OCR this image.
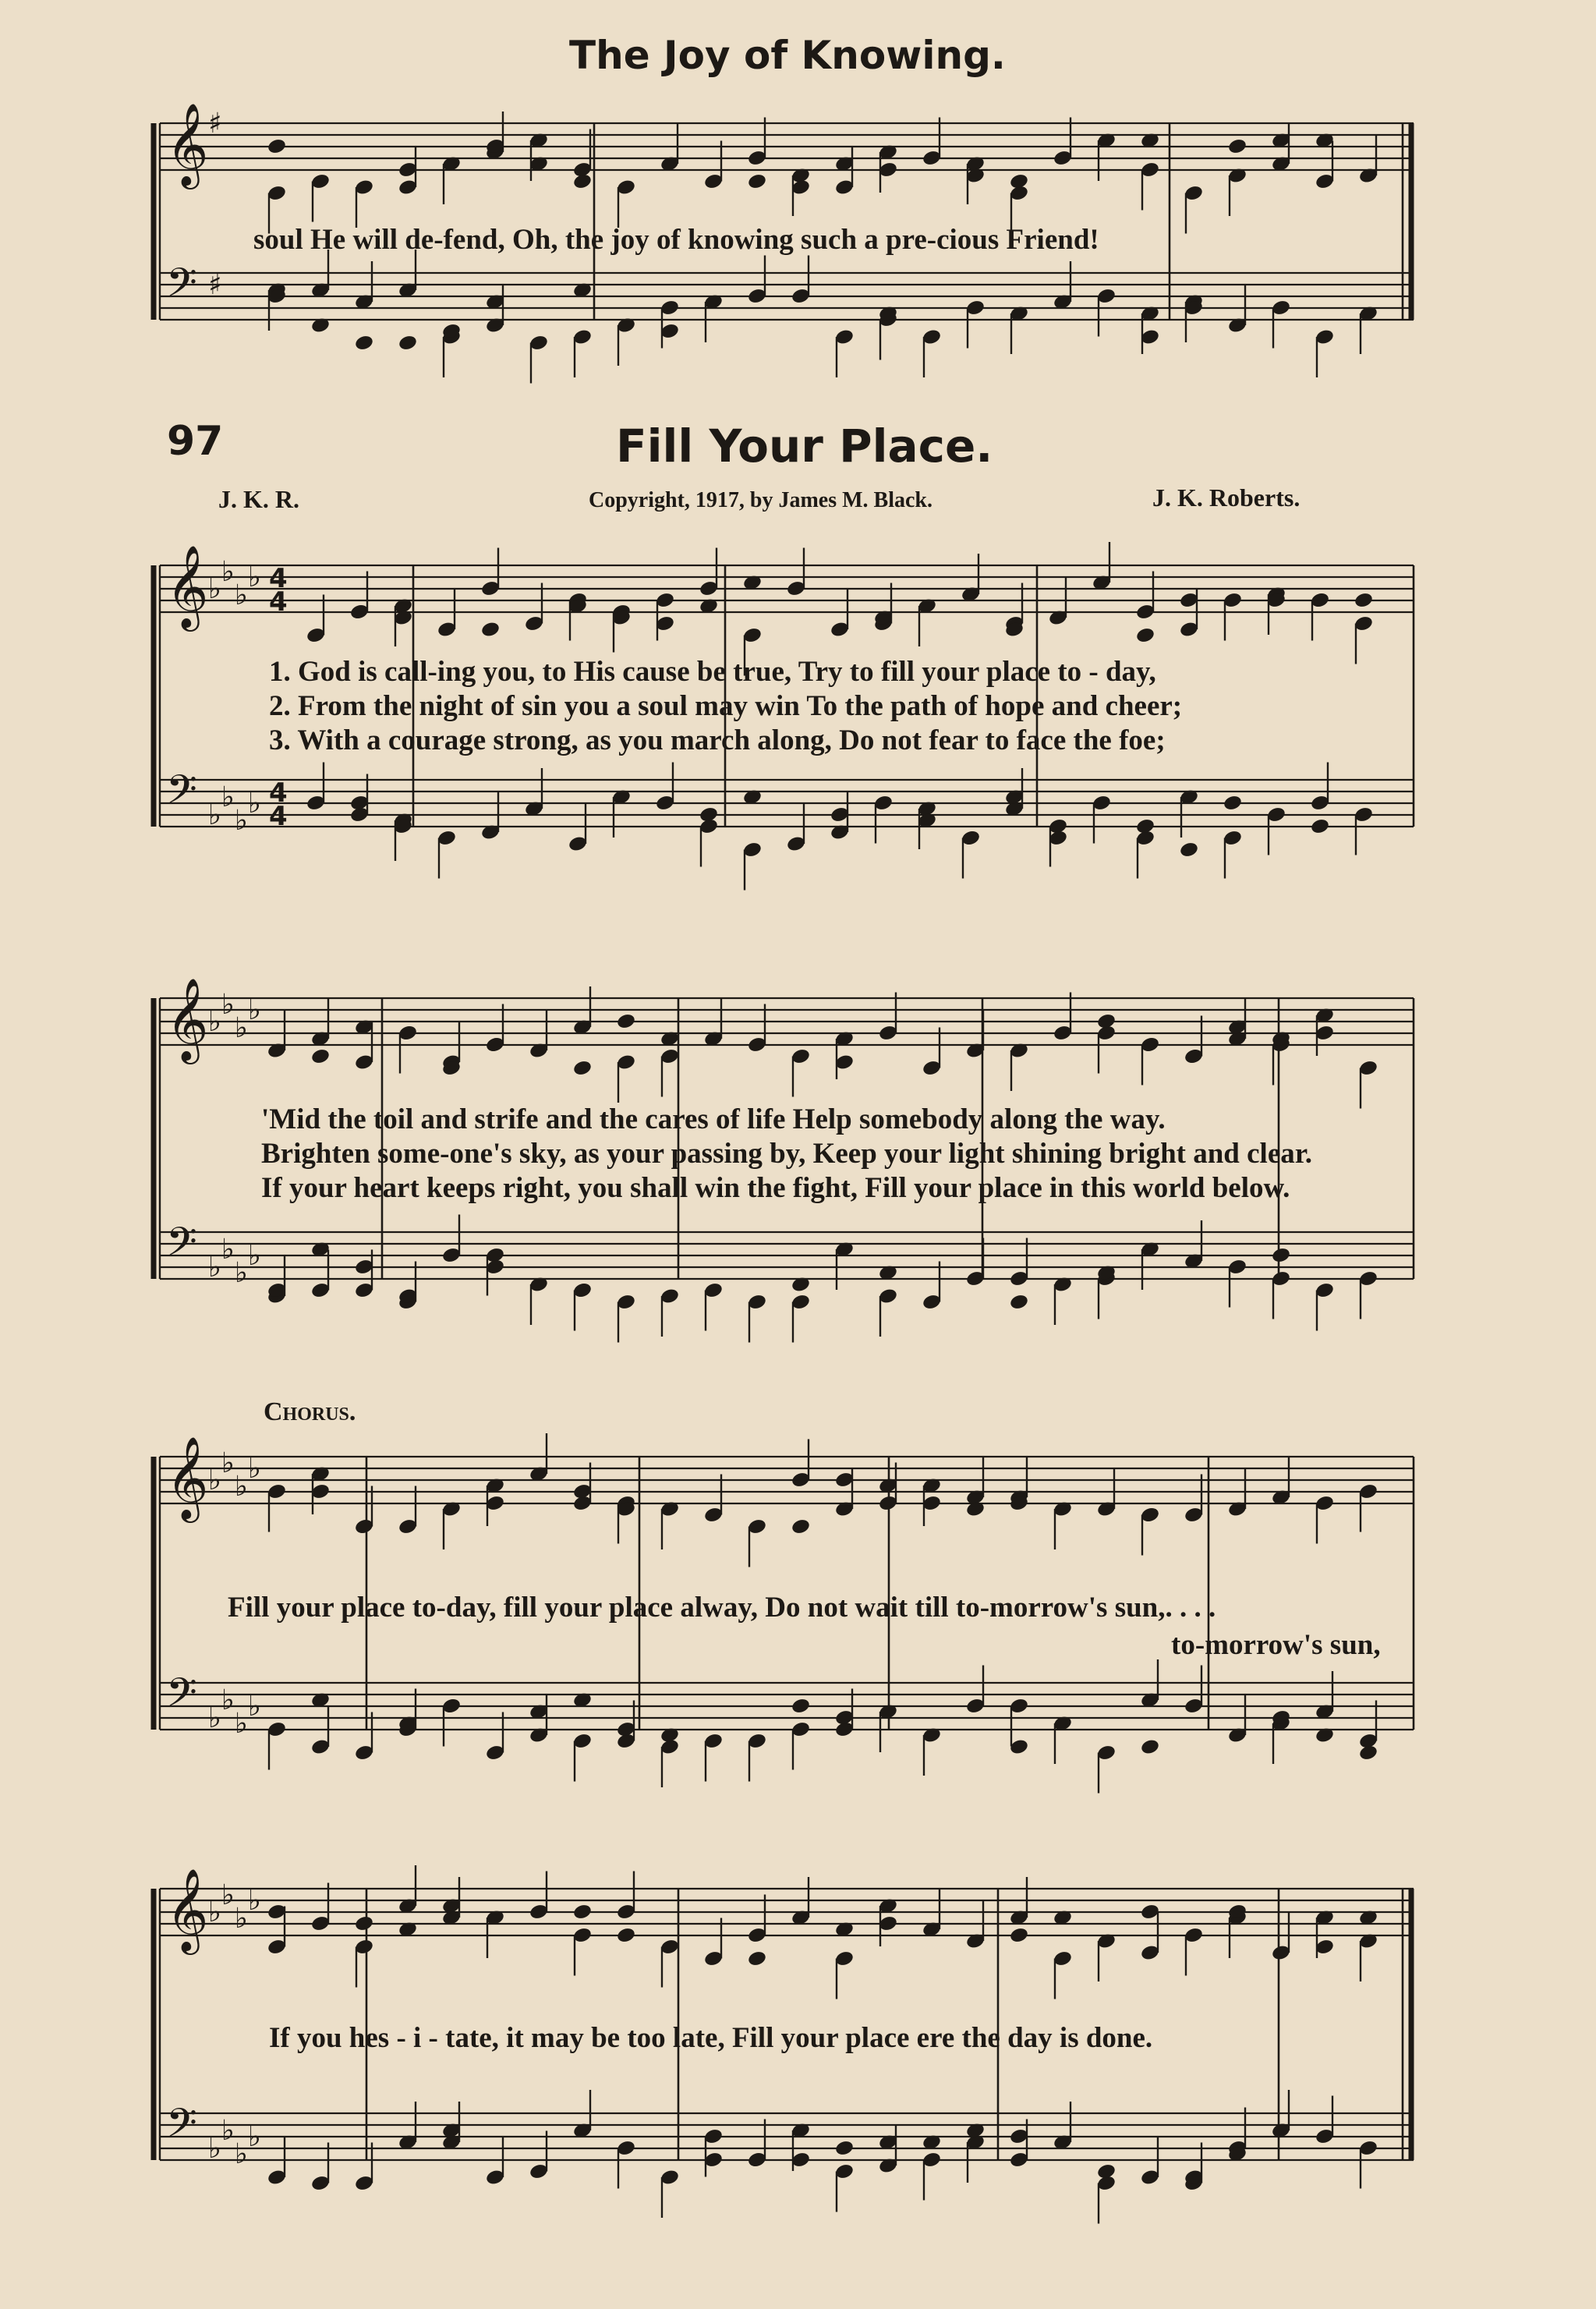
𝄞
𝄢
♯
♯
𝄞
𝄢
♭
♭
♭
♭
♭
♭
♭
♭
𝄞
𝄢
♭
♭
♭
♭
♭
♭
♭
♭
𝄞
𝄢
♭
♭
♭
♭
♭
♭
♭
♭
𝄞
𝄢
♭
♭
♭
♭
♭
♭
♭
♭
4
4
4
4
The Joy of Knowing.
soul He will de-fend, Oh, the joy of knowing such a pre-cious Friend!
97	Fill Your Place.
J. K. R.	Copyright, 1917, by James M. Black.	J. K. Roberts.
1. God is call-ing you, to His cause be true, Try to fill your place to - day,
2. From the night of sin you a soul may win To the path of hope and cheer;
3. With a courage strong, as you march along, Do not fear to face the foe;
'Mid the toil and strife and the cares of life Help somebody along the way.
Brighten some-one's sky, as your passing by, Keep your light shining bright and clear.
If your heart keeps right, you shall win the fight, Fill your place in this world below.
Chorus.
Fill your place to-day, fill your place alway, Do not wait till to-morrow's sun,. . . .
to-morrow's sun,
If you hes - i - tate, it may be too late, Fill your place ere the day is done.
